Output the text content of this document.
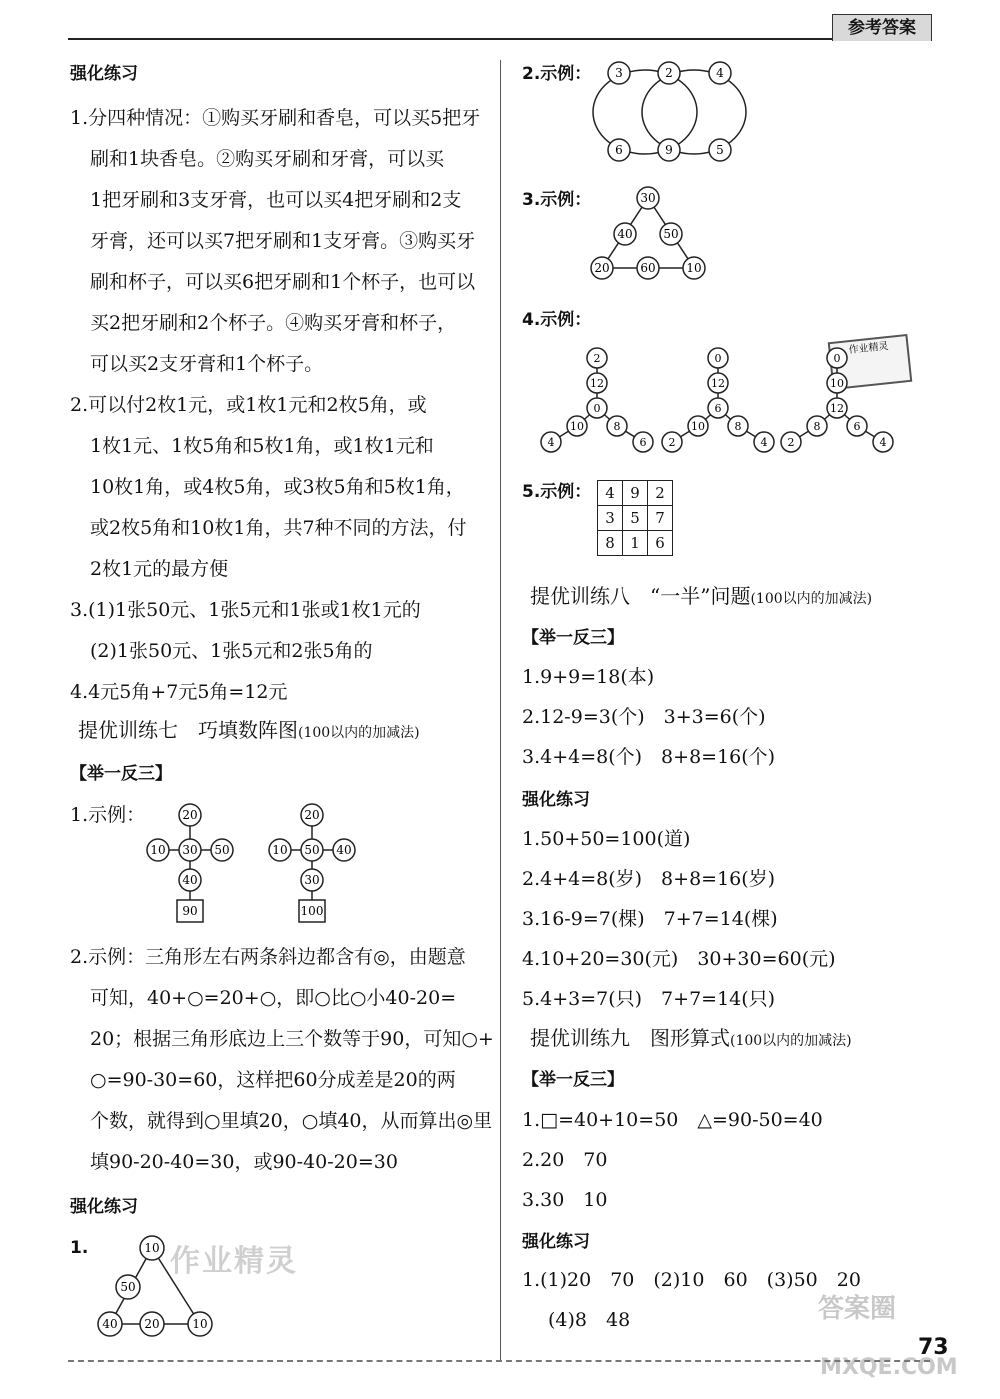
参考答案
强化练习
1.分四种情况：①购买牙刷和香皂，可以买5把牙
刷和1块香皂。②购买牙刷和牙膏，可以买
1把牙刷和3支牙膏，也可以买4把牙刷和2支
牙膏，还可以买7把牙刷和1支牙膏。③购买牙
刷和杯子，可以买6把牙刷和1个杯子，也可以
买2把牙刷和2个杯子。④购买牙膏和杯子，
可以买2支牙膏和1个杯子。
2.可以付2枚1元，或1枚1元和2枚5角，或
1枚1元、1枚5角和5枚1角，或1枚1元和
10枚1角，或4枚5角，或3枚5角和5枚1角，
或2枚5角和10枚1角，共7种不同的方法，付
2枚1元的最方便
3.(1)1张50元、1张5元和1张或1枚1元的
(2)1张50元、1张5元和2张5角的
4.4元5角+7元5角=12元
提优训练七　巧填数阵图(100以内的加减法)
【举一反三】
1.示例：	20
10 30 50
40
90
20
10 50 40
30
100
2.示例：三角形左右两条斜边都含有◎，由题意
可知，40+○=20+○，即○比○小40-20=
20；根据三角形底边上三个数等于90，可知○+
○=90-30=60，这样把60分成差是20的两
个数，就得到○里填20，○填40，从而算出◎里
填90-20-40=30，或90-40-20=30
强化练习
1.	10
50
40 20	10
作业精灵
2.示例： 3	2	4
6	9	5
3.示例：	30
40	50
20	60	10
4.示例：
作业精灵
2
12
0
10
4
8
6
0
12
6
10
2
8
4
0
10
12
8
2
6
4
5.示例： 4	9	2
3	5	7
8	1	6
提优训练八　“一半”问题(100以内的加减法)
【举一反三】
1.9+9=18(本)
2.12-9=3(个)　3+3=6(个)
3.4+4=8(个)　8+8=16(个)
强化练习
1.50+50=100(道)
2.4+4=8(岁)　8+8=16(岁)
3.16-9=7(棵)　7+7=14(棵)
4.10+20=30(元)　30+30=60(元)
5.4+3=7(只)　7+7=14(只)
提优训练九　图形算式(100以内的加减法)
【举一反三】
1.□=40+10=50　△=90-50=40
2.20　70
3.30　10
强化练习
1.(1)20　70　(2)10　60　(3)50　20
(4)8　48	答案圈
MXQE.COM
73
